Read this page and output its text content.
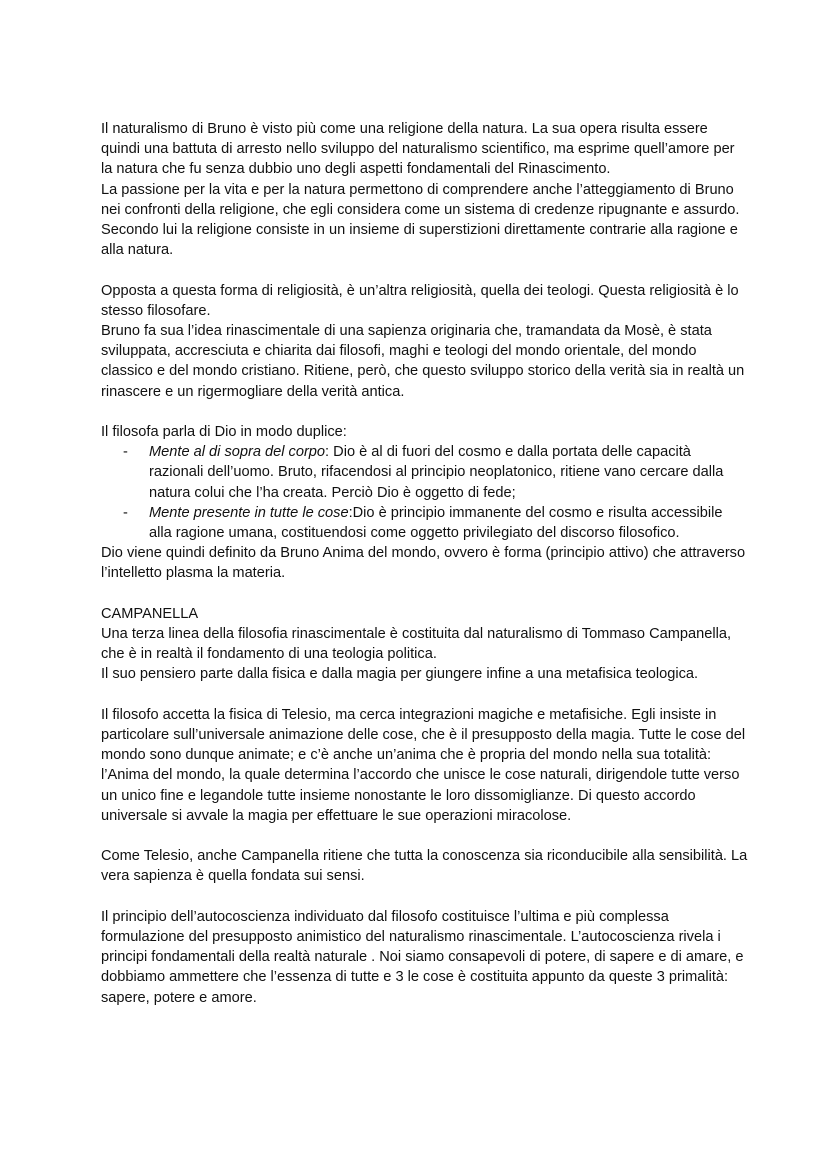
Il naturalismo di Bruno è visto più come una religione della natura. La sua opera risulta essere quindi una battuta di arresto nello sviluppo del naturalismo scientifico, ma esprime quell’amore per la natura che fu senza dubbio uno degli aspetti fondamentali del Rinascimento.

La passione per la vita e per la natura permettono di comprendere anche l’atteggiamento di Bruno nei confronti della religione, che egli considera come un sistema di credenze ripugnante e assurdo. Secondo lui la religione consiste in un insieme di superstizioni direttamente contrarie alla ragione e alla natura.

Opposta a questa forma di religiosità, è un’altra religiosità, quella dei teologi. Questa religiosità è lo stesso filosofare.

Bruno fa sua l’idea rinascimentale di una sapienza originaria che, tramandata da Mosè, è stata sviluppata, accresciuta e chiarita dai filosofi, maghi e teologi del mondo orientale, del mondo classico e del mondo cristiano. Ritiene, però, che questo sviluppo storico della verità sia in realtà un rinascere e un rigermogliare della verità antica.

Il filosofa parla di Dio in modo duplice:

- Mente al di sopra del corpo: Dio è al di fuori del cosmo e dalla portata delle capacità razionali dell’uomo. Bruto, rifacendosi al principio neoplatonico, ritiene vano cercare dalla natura colui che l’ha creata. Perciò Dio è oggetto di fede;
- Mente presente in tutte le cose:Dio è principio immanente del cosmo e risulta accessibile alla ragione umana, costituendosi come oggetto privilegiato del discorso filosofico.

Dio viene quindi definito da Bruno Anima del mondo, ovvero è forma (principio attivo) che attraverso l’intelletto plasma la materia.

CAMPANELLA

Una terza linea della filosofia rinascimentale è costituita dal naturalismo di Tommaso Campanella, che è in realtà il fondamento di una teologia politica.

Il suo pensiero parte dalla fisica e dalla magia per giungere infine a una metafisica teologica.

Il filosofo accetta la fisica di Telesio, ma cerca integrazioni magiche e metafisiche. Egli insiste in particolare sull’universale animazione delle cose, che è il presupposto della magia. Tutte le cose del mondo sono dunque animate; e c’è anche un’anima che è propria del mondo nella sua totalità: l’Anima del mondo, la quale determina l’accordo che unisce le cose naturali, dirigendole tutte verso un unico fine e legandole tutte insieme nonostante le loro dissomiglianze. Di questo accordo universale si avvale la magia per effettuare le sue operazioni miracolose.

Come Telesio, anche Campanella ritiene che tutta la conoscenza sia riconducibile alla sensibilità. La vera sapienza è quella fondata sui sensi.

Il principio dell’autocoscienza individuato dal filosofo costituisce l’ultima e più complessa formulazione del presupposto animistico del naturalismo rinascimentale. L’autocoscienza rivela i principi fondamentali della realtà naturale . Noi siamo consapevoli di potere, di sapere e di amare, e dobbiamo ammettere che l’essenza di tutte e 3 le cose è costituita appunto da queste 3 primalità: sapere, potere e amore.
